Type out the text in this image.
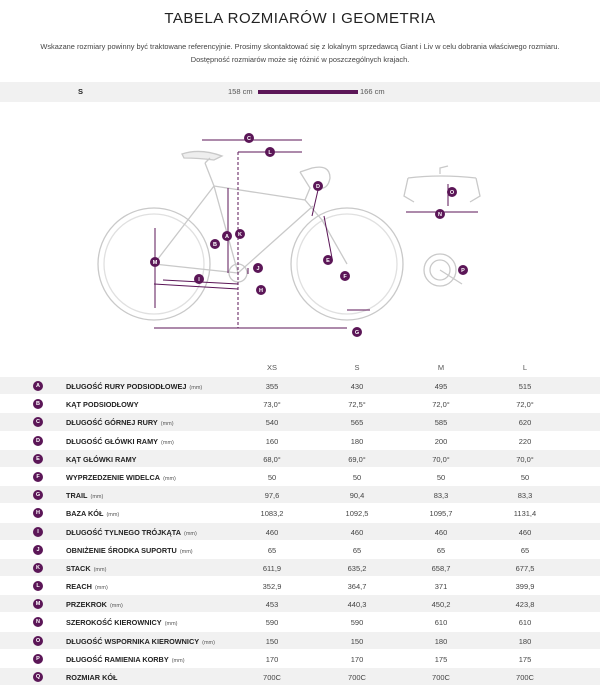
TABELA ROZMIARÓW I GEOMETRIA
Wskazane rozmiary powinny być traktowane referencyjnie. Prosimy skontaktować się z lokalnym sprzedawcą Giant i Liv w celu dobrania właściwego rozmiaru. Dostępność rozmiarów może się różnić w poszczególnych krajach.
S	158 cm	166 cm
C
L
D
E
F
G
H
I
J
K
B
A
M
N
O
P
XS	S	M	L
A	DŁUGOŚĆ RURY PODSIODŁOWEJ (mm)	355	430	495	515
B	KĄT PODSIODŁOWY	73,0°	72,5°	72,0°	72,0°
C	DŁUGOŚĆ GÓRNEJ RURY (mm)	540	565	585	620
D	DŁUGOŚĆ GŁÓWKI RAMY (mm)	160	180	200	220
E	KĄT GŁÓWKI RAMY	68,0°	69,0°	70,0°	70,0°
F	WYPRZEDZENIE WIDELCA (mm)	50	50	50	50
G	TRAIL (mm)	97,6	90,4	83,3	83,3
H	BAZA KÓŁ (mm)	1083,2	1092,5	1095,7	1131,4
I	DŁUGOŚĆ TYLNEGO TRÓJKĄTA (mm)	460	460	460	460
J	OBNIŻENIE ŚRODKA SUPORTU (mm)	65	65	65	65
K	STACK (mm)	611,9	635,2	658,7	677,5
L	REACH (mm)	352,9	364,7	371	399,9
M	PRZEKROK (mm)	453	440,3	450,2	423,8
N	SZEROKOŚĆ KIEROWNICY (mm)	590	590	610	610
O	DŁUGOŚĆ WSPORNIKA KIEROWNICY (mm)	150	150	180	180
P	DŁUGOŚĆ RAMIENIA KORBY (mm)	170	170	175	175
Q	ROZMIAR KÓŁ	700C	700C	700C	700C
